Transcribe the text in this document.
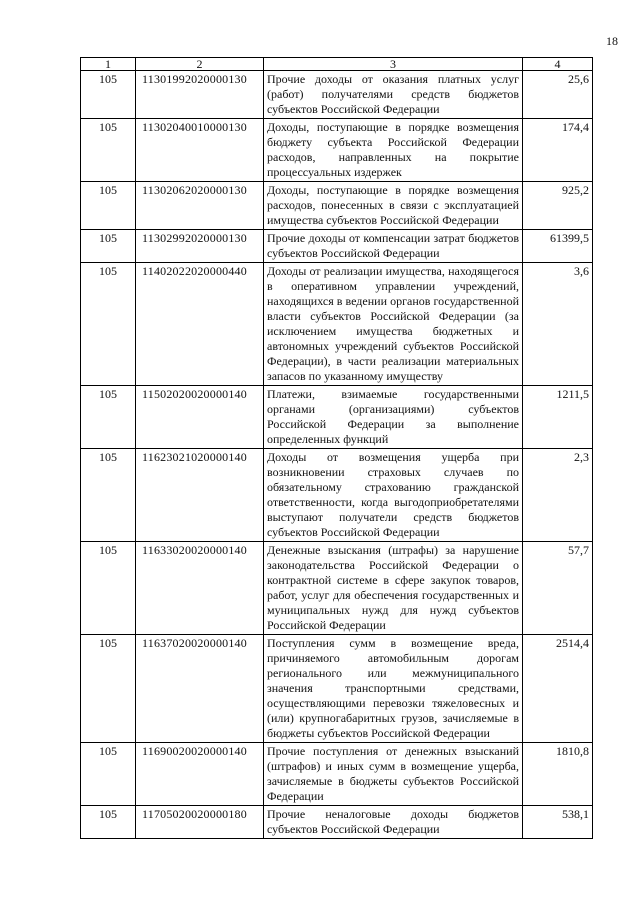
18
1	2	3	4
105	11301992020000130	Прочие доходы от оказания платных услуг (работ) получателями средств бюджетов субъектов Российской Федерации	25,6
105	11302040010000130	Доходы, поступающие в порядке возмещения бюджету субъекта Российской Федерации расходов, направленных на покрытие процессуальных издержек	174,4
105	11302062020000130	Доходы, поступающие в порядке возмещения расходов, понесенных в связи с эксплуатацией имущества субъектов Российской Федерации	925,2
105	11302992020000130	Прочие доходы от компенсации затрат бюджетов субъектов Российской Федерации	61399,5
105	11402022020000440	Доходы от реализации имущества, находящегося в оперативном управлении учреждений, находящихся в ведении органов государственной власти субъектов Российской Федерации (за исключением имущества бюджетных и автономных учреждений субъектов Российской Федерации), в части реализации материальных запасов по указанному имуществу	3,6
105	11502020020000140	Платежи, взимаемые государственными органами (организациями) субъектов Российской Федерации за выполнение определенных функций	1211,5
105	11623021020000140	Доходы от возмещения ущерба при возникновении страховых случаев по обязательному страхованию гражданской ответственности, когда выгодоприобретателями выступают получатели средств бюджетов субъектов Российской Федерации	2,3
105	11633020020000140	Денежные взыскания (штрафы) за нарушение законодательства Российской Федерации о контрактной системе в сфере закупок товаров, работ, услуг для обеспечения государственных и муниципальных нужд для нужд субъектов Российской Федерации	57,7
105	11637020020000140	Поступления сумм в возмещение вреда, причиняемого автомобильным дорогам регионального или межмуниципального значения транспортными средствами, осуществляющими перевозки тяжеловесных и (или) крупногабаритных грузов, зачисляемые в бюджеты субъектов Российской Федерации	2514,4
105	11690020020000140	Прочие поступления от денежных взысканий (штрафов) и иных сумм в возмещение ущерба, зачисляемые в бюджеты субъектов Российской Федерации	1810,8
105	11705020020000180	Прочие неналоговые доходы бюджетов субъектов Российской Федерации	538,1
